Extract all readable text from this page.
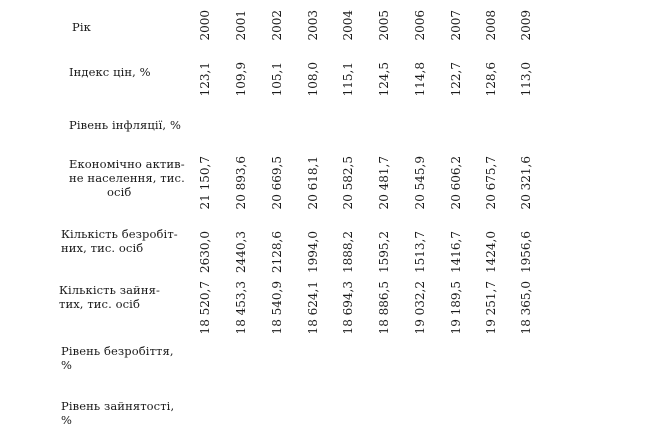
Рік
Індекс цін, %
Рівень інфляції, %
Економічно актив-
не населення, тис.
осіб
Кількість безробіт-
них, тис. осіб
Кількість зайня-
тих, тис. осіб
Рівень безробіття,
%
Рівень зайнятості,
%
2000
123,1
21 150,7
2630,0
18 520,7
2001
109,9
20 893,6
2440,3
18 453,3
2002
105,1
20 669,5
2128,6
18 540,9
2003
108,0
20 618,1
1994,0
18 624,1
2004
115,1
20 582,5
1888,2
18 694,3
2005
124,5
20 481,7
1595,2
18 886,5
2006
114,8
20 545,9
1513,7
19 032,2
2007
122,7
20 606,2
1416,7
19 189,5
2008
128,6
20 675,7
1424,0
19 251,7
2009
113,0
20 321,6
1956,6
18 365,0
